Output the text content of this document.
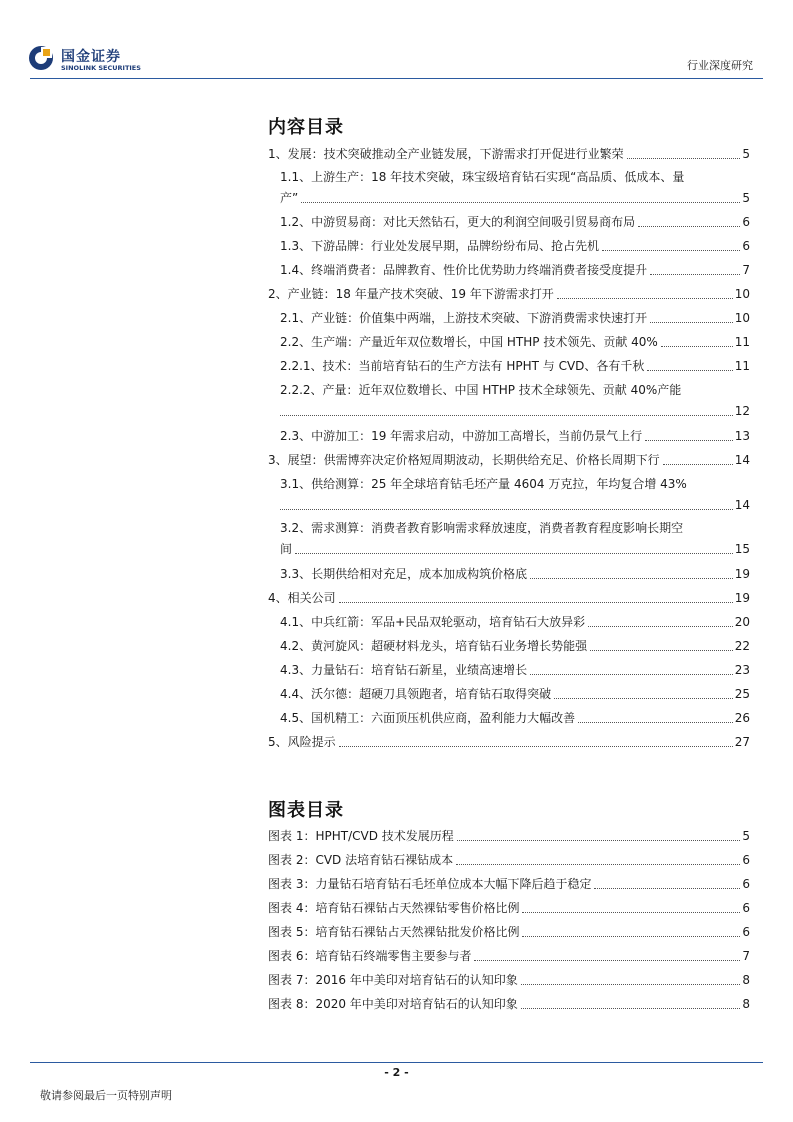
国金证券
SINOLINK SECURITIES	行业深度研究
内容目录
1、发展：技术突破推动全产业链发展，下游需求打开促进行业繁荣	5
1.1、上游生产：18 年技术突破，珠宝级培育钻石实现“高品质、低成本、量
产”	5
1.2、中游贸易商：对比天然钻石，更大的利润空间吸引贸易商布局	6
1.3、下游品牌：行业处发展早期，品牌纷纷布局、抢占先机	6
1.4、终端消费者：品牌教育、性价比优势助力终端消费者接受度提升	7
2、产业链：18 年量产技术突破、19 年下游需求打开	10
2.1、产业链：价值集中两端，上游技术突破、下游消费需求快速打开	10
2.2、生产端：产量近年双位数增长，中国 HTHP 技术领先、贡献 40%	11
2.2.1、技术：当前培育钻石的生产方法有 HPHT 与 CVD、各有千秋	11
2.2.2、产量：近年双位数增长、中国 HTHP 技术全球领先、贡献 40%产能
12
2.3、中游加工：19 年需求启动，中游加工高增长，当前仍景气上行	13
3、展望：供需博弈决定价格短周期波动，长期供给充足、价格长周期下行	14
3.1、供给测算：25 年全球培育钻毛坯产量 4604 万克拉，年均复合增 43%
14
3.2、需求测算：消费者教育影响需求释放速度，消费者教育程度影响长期空
间	15
3.3、长期供给相对充足，成本加成构筑价格底	19
4、相关公司	19
4.1、中兵红箭：军品+民品双轮驱动，培育钻石大放异彩	20
4.2、黄河旋风：超硬材料龙头，培育钻石业务增长势能强	22
4.3、力量钻石：培育钻石新星，业绩高速增长	23
4.4、沃尔德：超硬刀具领跑者，培育钻石取得突破	25
4.5、国机精工：六面顶压机供应商，盈利能力大幅改善	26
5、风险提示	27
图表目录
图表 1：HPHT/CVD 技术发展历程	5
图表 2：CVD 法培育钻石裸钻成本	6
图表 3：力量钻石培育钻石毛坯单位成本大幅下降后趋于稳定	6
图表 4：培育钻石裸钻占天然裸钻零售价格比例	6
图表 5：培育钻石裸钻占天然裸钻批发价格比例	6
图表 6：培育钻石终端零售主要参与者	7
图表 7：2016 年中美印对培育钻石的认知印象	8
图表 8：2020 年中美印对培育钻石的认知印象	8
- 2 -
敬请参阅最后一页特别声明
